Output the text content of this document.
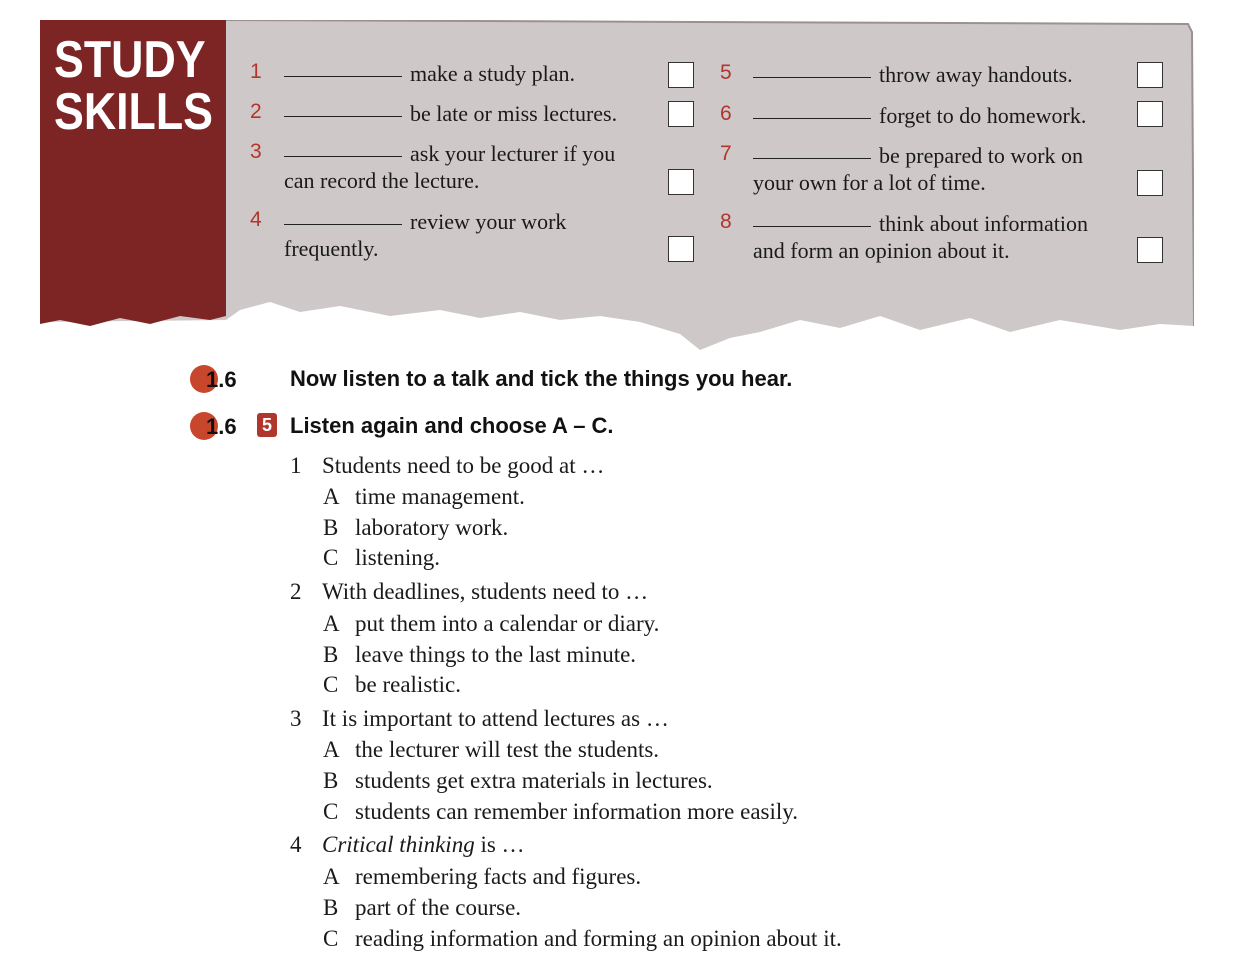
STUDY
SKILLS
1	make a study plan.
2	be late or miss lectures.
3	ask your lecturer if you
can record the lecture.
4	review your work
frequently.
5	throw away handouts.
6	forget to do homework.
7	be prepared to work on
your own for a lot of time.
8	think about information
and form an opinion about it.
1.6 Now listen to a talk and tick the things you hear.
1.6 5 Listen again and choose A – C.
1 Students need to be good at …
A time management.
B laboratory work.
C listening.
2 With deadlines, students need to …
A put them into a calendar or diary.
B leave things to the last minute.
C be realistic.
3 It is important to attend lectures as …
A the lecturer will test the students.
B students get extra materials in lectures.
C students can remember information more easily.
4 Critical thinking is …
A remembering facts and figures.
B part of the course.
C reading information and forming an opinion about it.
